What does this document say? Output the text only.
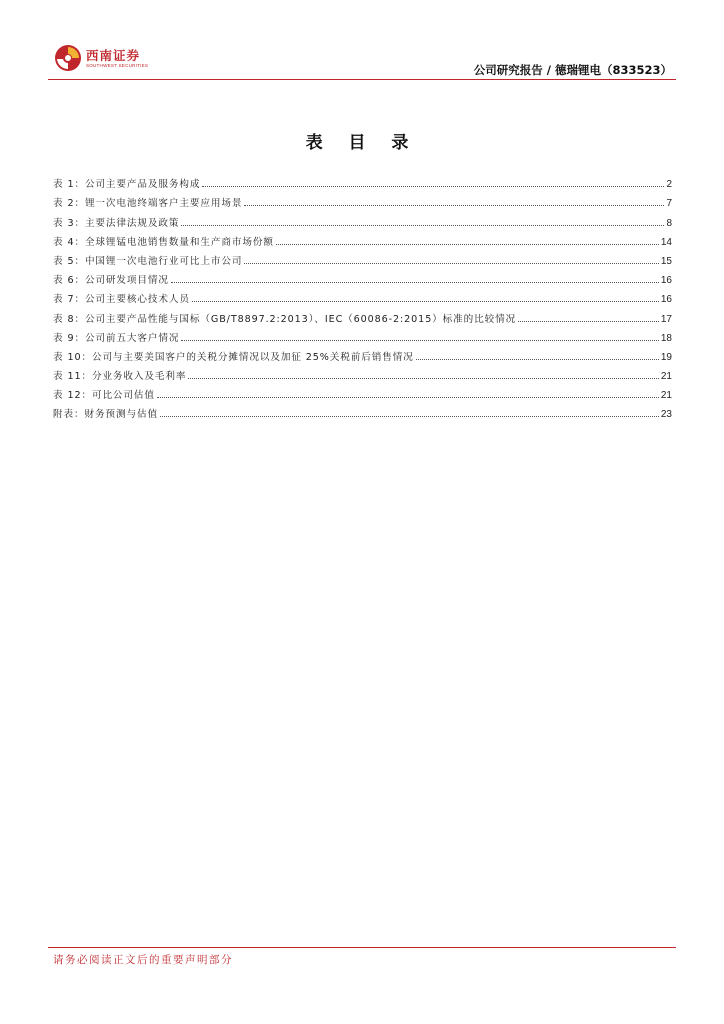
西南证券
SOUTHWEST SECURITIES	公司研究报告 / 德瑞锂电（833523）
表 目 录
表 1：公司主要产品及服务构成	2
表 2：锂一次电池终端客户主要应用场景	7
表 3：主要法律法规及政策	8
表 4：全球锂锰电池销售数量和生产商市场份额	14
表 5：中国锂一次电池行业可比上市公司	15
表 6：公司研发项目情况	16
表 7：公司主要核心技术人员	16
表 8：公司主要产品性能与国标（GB/T8897.2:2013）、IEC（60086-2:2015）标准的比较情况	17
表 9：公司前五大客户情况	18
表 10：公司与主要美国客户的关税分摊情况以及加征 25%关税前后销售情况	19
表 11：分业务收入及毛利率	21
表 12：可比公司估值	21
附表：财务预测与估值	23
请务必阅读正文后的重要声明部分
